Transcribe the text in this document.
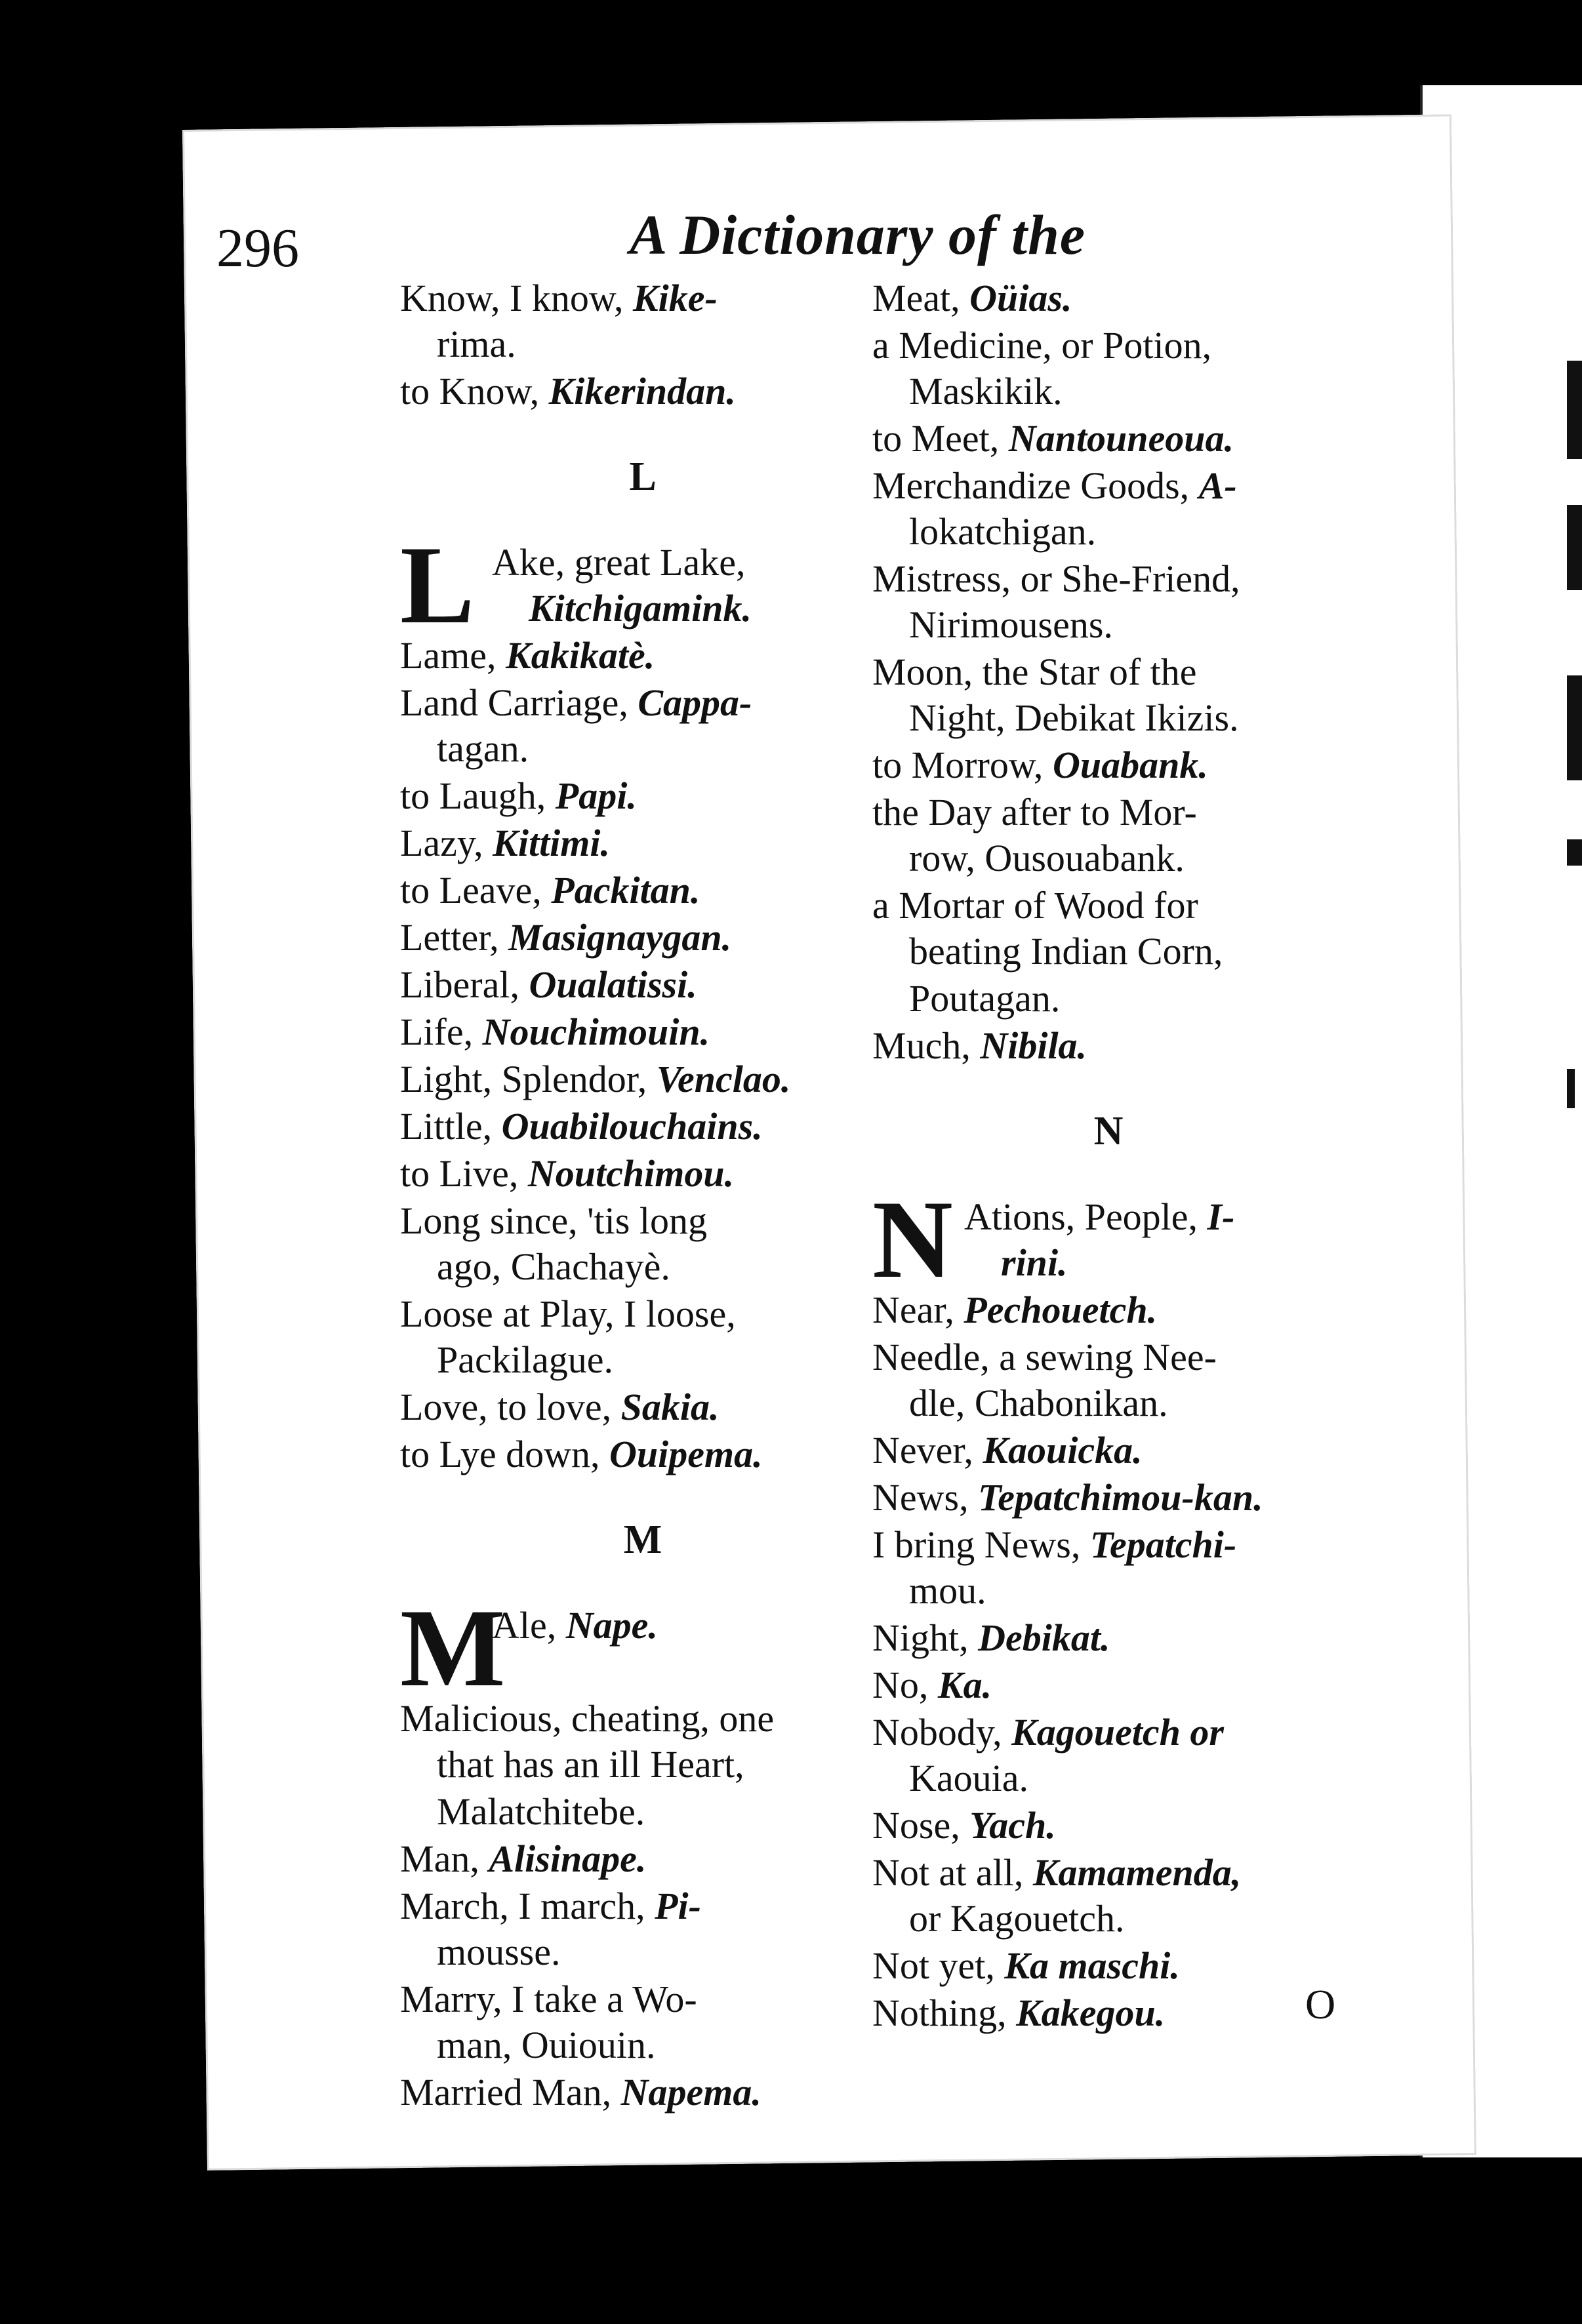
296	A Dictionary of the
Know, I know, Kike-
rima.
to Know, Kikerindan.
L
L Ake, great Lake,
Kitchigamink.
Lame, Kakikatè.
Land Carriage, Cappa-
tagan.
to Laugh, Papi.
Lazy, Kittimi.
to Leave, Packitan.
Letter, Masignaygan.
Liberal, Oualatissi.
Life, Nouchimouin.
Light, Splendor, Venclao.
Little, Ouabilouchains.
to Live, Noutchimou.
Long since, 'tis long
ago, Chachayè.
Loose at Play, I loose,
Packilague.
Love, to love, Sakia.
to Lye down, Ouipema.
M
M
Ale, Nape.
Malicious, cheating, one
that has an ill Heart,
Malatchitebe.
Man, Alisinape.
March, I march, Pi-
mousse.
Marry, I take a Wo-
man, Ouiouin.
Married Man, Napema.
Meat, Oüias.
a Medicine, or Potion,
Maskikik.
to Meet, Nantouneoua.
Merchandize Goods, A-
lokatchigan.
Mistress, or She-Friend,
Nirimousens.
Moon, the Star of the
Night, Debikat Ikizis.
to Morrow, Ouabank.
the Day after to Mor-
row, Ousouabank.
a Mortar of Wood for
beating Indian Corn,
Poutagan.
Much, Nibila.
N
N Ations, People, I-
rini.
Near, Pechouetch.
Needle, a sewing Nee-
dle, Chabonikan.
Never, Kaouicka.
News, Tepatchimou-kan.
I bring News, Tepatchi-
mou.
Night, Debikat.
No, Ka.
Nobody, Kagouetch or
Kaouia.
Nose, Yach.
Not at all, Kamamenda,
or Kagouetch.
Not yet, Ka maschi.
Nothing, Kakegou.	O
